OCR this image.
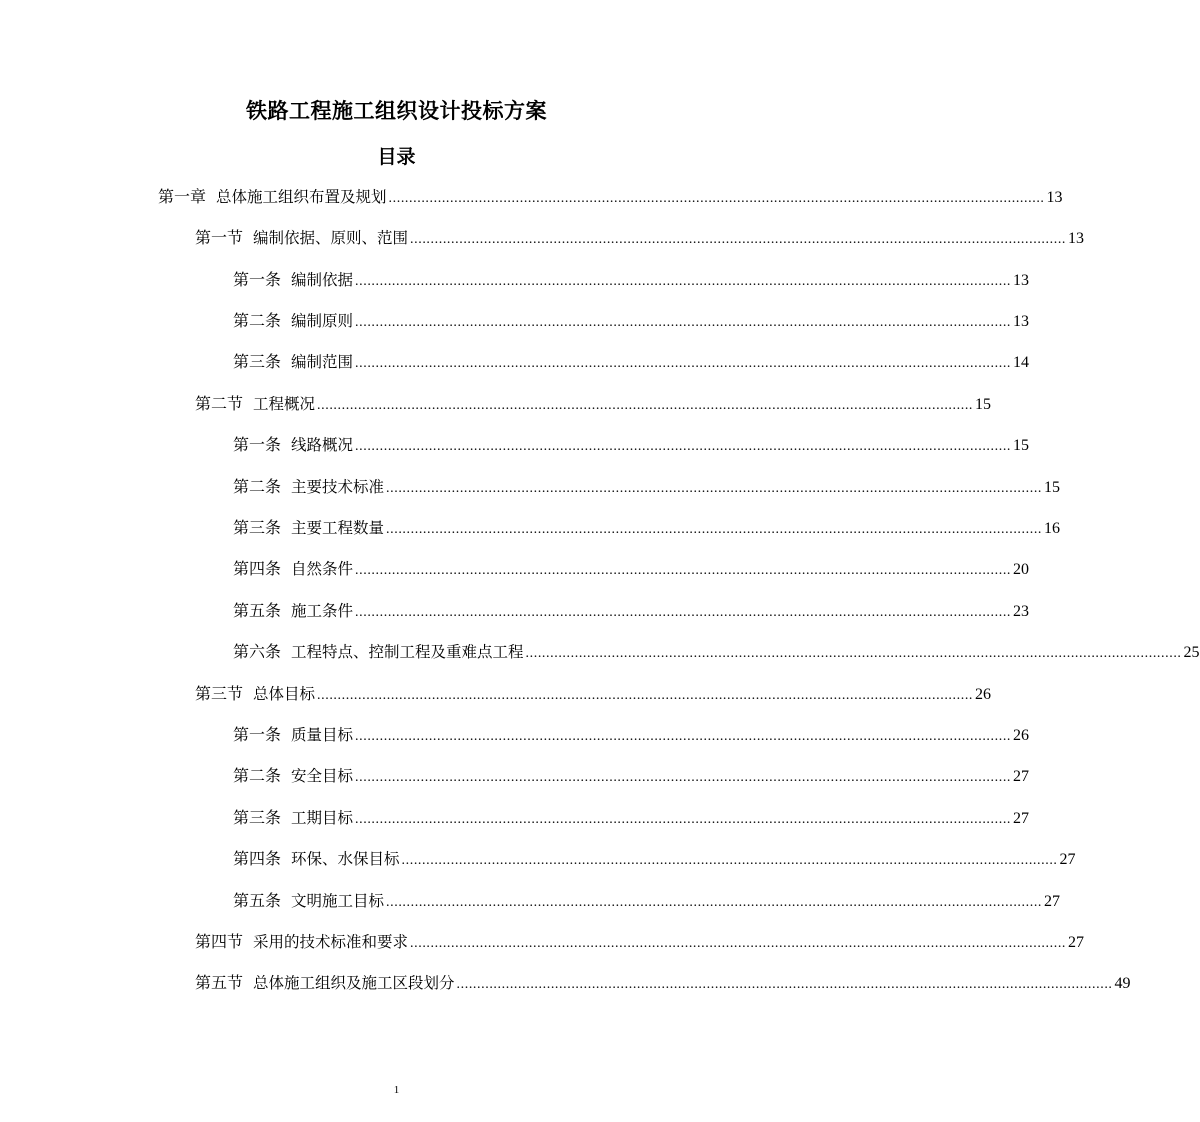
铁路工程施工组织设计投标方案
目录
第一章 总体施工组织布置及规划 ................................................................................................................................................................ 13
第一节 编制依据、原则、范围 ................................................................................................................................................................ 13
第一条 编制依据 ................................................................................................................................................................ 13
第二条 编制原则 ................................................................................................................................................................ 13
第三条 编制范围 ................................................................................................................................................................ 14
第二节 工程概况 ................................................................................................................................................................ 15
第一条 线路概况 ................................................................................................................................................................ 15
第二条 主要技术标准 ................................................................................................................................................................ 15
第三条 主要工程数量 ................................................................................................................................................................ 16
第四条 自然条件 ................................................................................................................................................................ 20
第五条 施工条件 ................................................................................................................................................................ 23
第六条 工程特点、控制工程及重难点工程 ................................................................................................................................................................ 25
第三节 总体目标 ................................................................................................................................................................ 26
第一条 质量目标 ................................................................................................................................................................ 26
第二条 安全目标 ................................................................................................................................................................ 27
第三条 工期目标 ................................................................................................................................................................ 27
第四条 环保、水保目标 ................................................................................................................................................................ 27
第五条 文明施工目标 ................................................................................................................................................................ 27
第四节 采用的技术标准和要求 ................................................................................................................................................................ 27
第五节 总体施工组织及施工区段划分 ................................................................................................................................................................ 49
1
